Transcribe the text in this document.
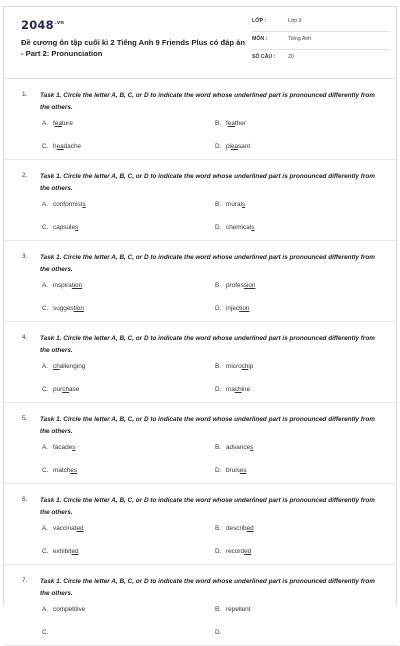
$2048^{.vn}$
Đề cương ôn tập cuối kì 2 Tiếng Anh 9 Friends Plus có đáp án - Part 2: Pronunciation
LỚP :	Lớp 9
MÔN :	Tiếng Anh
SỐ CÂU :	20
1. Task 1. Circle the letter A, B, C, or D to indicate the word whose underlined part is pronounced differently from the others.
A. feature	B. feather
C. headache	D. pleasant
2. Task 1. Circle the letter A, B, C, or D to indicate the word whose underlined part is pronounced differently from the others.
A. conformists	B. murals
C. capsules	D. chemicals
3. Task 1. Circle the letter A, B, C, or D to indicate the word whose underlined part is pronounced differently from the others.
A. inspiration	B. profession
C. suggestion	D. injection
4. Task 1. Circle the letter A, B, C, or D to indicate the word whose underlined part is pronounced differently from the others.
A. challenging	B. microchip
C. purchase	D. machine
5. Task 1. Circle the letter A, B, C, or D to indicate the word whose underlined part is pronounced differently from the others.
A. facades	B. advances
C. matches	D. bruises
6. Task 1. Circle the letter A, B, C, or D to indicate the word whose underlined part is pronounced differently from the others.
A. vaccinated	B. described
C. exhibited	D. recorded
7. Task 1. Circle the letter A, B, C, or D to indicate the word whose underlined part is pronounced differently from the others.
A. competitive	B. repellent
C.	D.
